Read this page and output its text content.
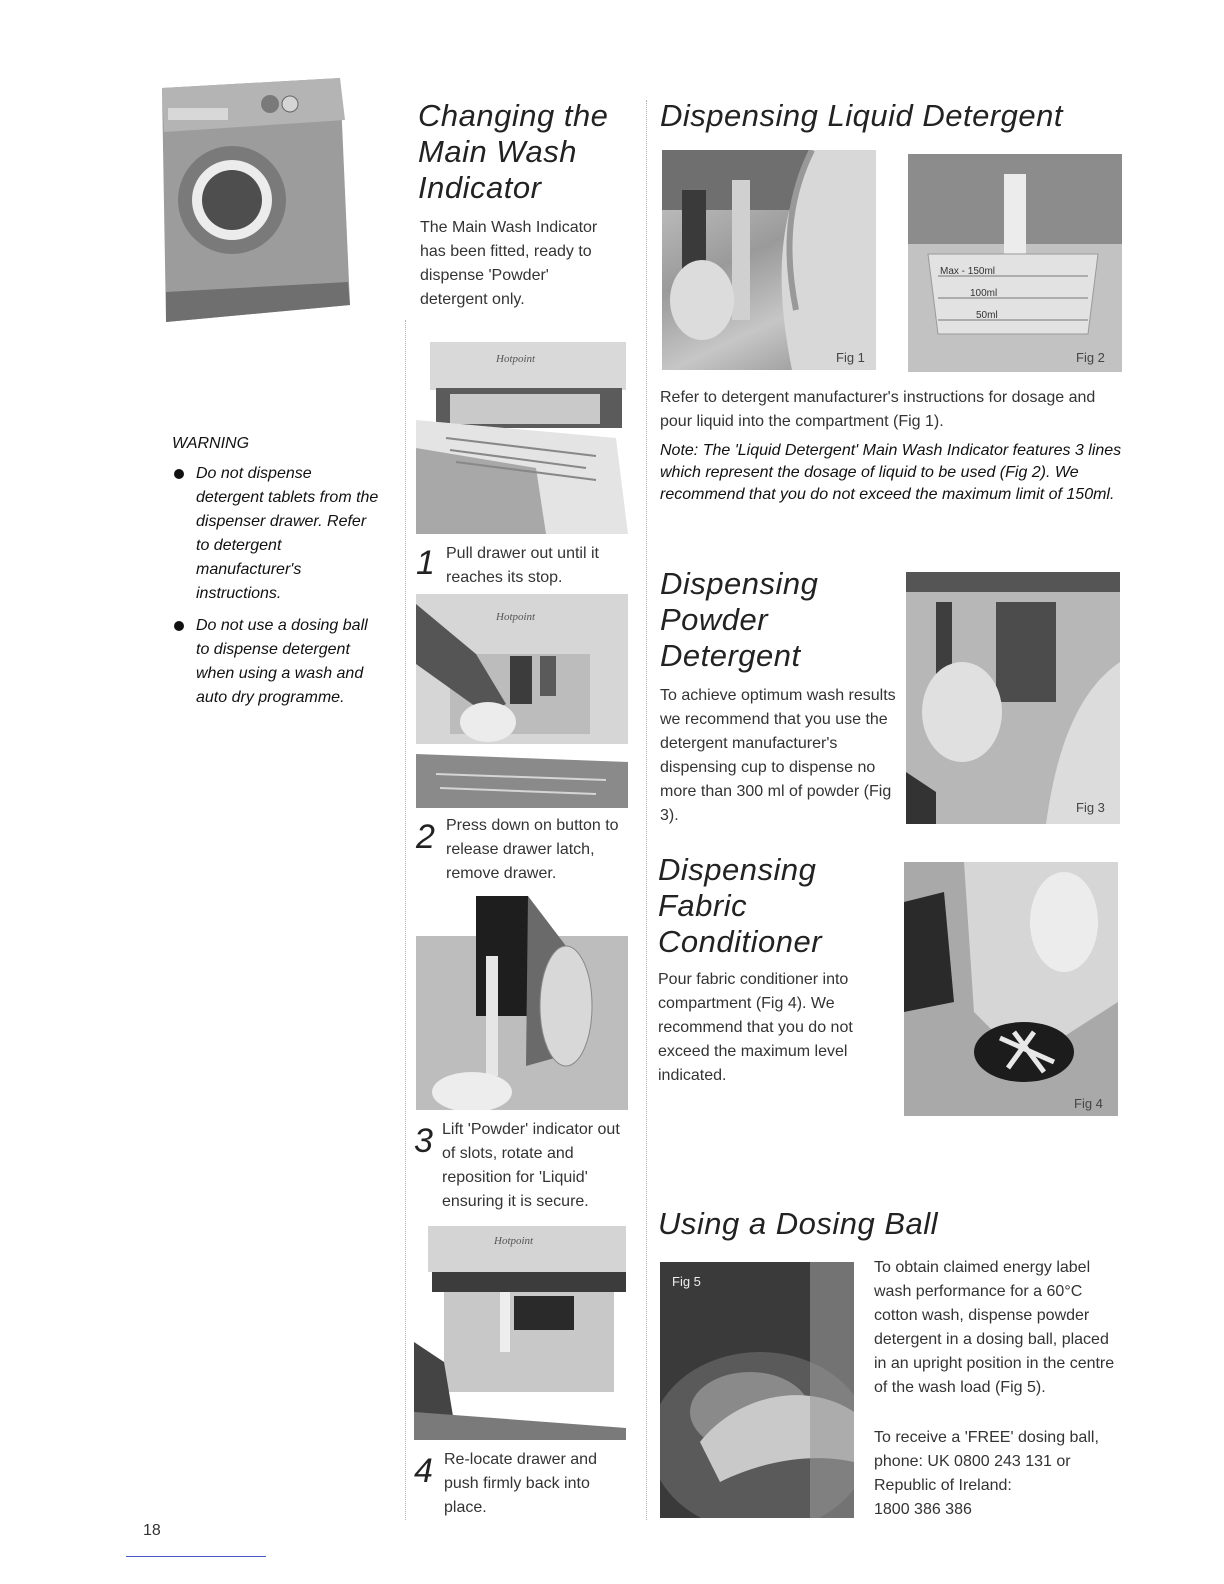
WARNING
Do not dispense detergent tablets from the dispenser drawer. Refer to detergent manufacturer's instructions.
Do not use a dosing ball to dispense detergent when using a wash and auto dry programme.
18
Changing the
Main Wash
Indicator
The Main Wash Indicator has been fitted, ready to dispense 'Powder' detergent only.
Hotpoint
1 Pull drawer out until it reaches its stop.
Hotpoint
2 Press down on button to release drawer latch, remove drawer.
3 Lift 'Powder' indicator out of slots, rotate and reposition for 'Liquid' ensuring it is secure.
Hotpoint
4 Re-locate drawer and push firmly back into place.
Dispensing Liquid Detergent
Fig 1
Max - 150ml
100ml
50ml
Fig 2
Refer to detergent manufacturer's instructions for dosage and pour liquid into the compartment (Fig 1).
Note: The 'Liquid Detergent' Main Wash Indicator features 3 lines which represent the dosage of liquid to be used (Fig 2). We recommend that you do not exceed the maximum limit of 150ml.
Dispensing
Powder
Detergent
To achieve optimum wash results we recommend that you use the detergent manufacturer's dispensing cup to dispense no more than 300 ml of powder (Fig 3).	Fig 3
Dispensing
Fabric
Conditioner
Pour fabric conditioner into compartment (Fig 4). We recommend that you do not exceed the maximum level indicated.
Fig 4
Using a Dosing Ball
Fig 5
To obtain claimed energy label wash performance for a 60°C cotton wash, dispense powder detergent in a dosing ball, placed in an upright position in the centre of the wash load (Fig 5).
To receive a 'FREE' dosing ball, phone: UK 0800 243 131 or Republic of Ireland:
1800 386 386
